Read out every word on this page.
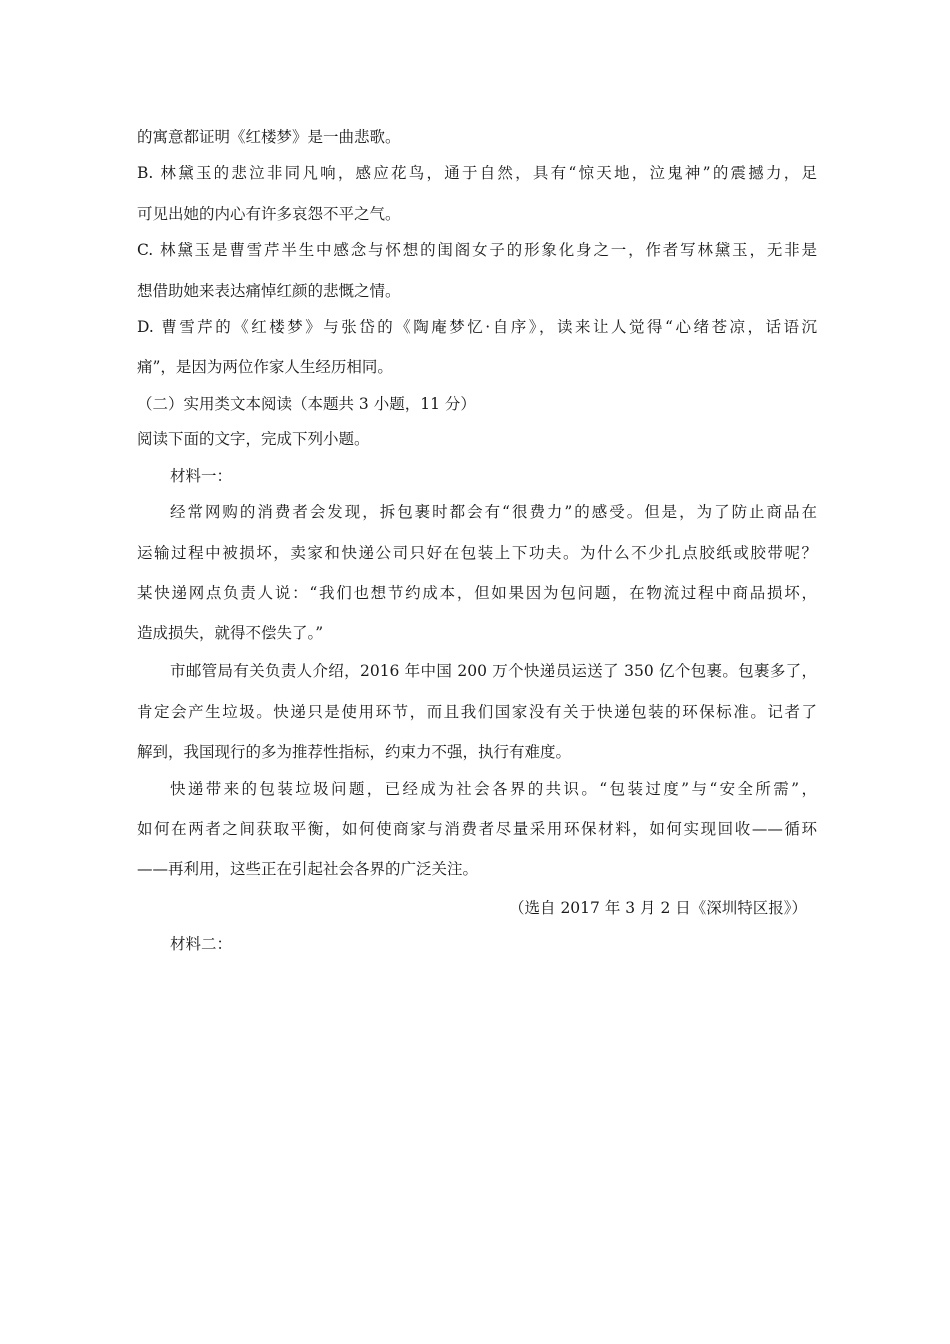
的寓意都证明《红楼梦》是一曲悲歌。
B. 林黛玉的悲泣非同凡响，感应花鸟，通于自然，具有“惊天地，泣鬼神”的震撼力，足
可见出她的内心有许多哀怨不平之气。
C. 林黛玉是曹雪芹半生中感念与怀想的闺阁女子的形象化身之一，作者写林黛玉，无非是
想借助她来表达痛悼红颜的悲慨之情。
D. 曹雪芹的《红楼梦》与张岱的《陶庵梦忆·自序》，读来让人觉得“心绪苍凉，话语沉
痛”，是因为两位作家人生经历相同。
（二）实用类文本阅读（本题共 3 小题，11 分）
阅读下面的文字，完成下列小题。
材料一：
经常网购的消费者会发现，拆包裹时都会有“很费力”的感受。但是，为了防止商品在
运输过程中被损坏，卖家和快递公司只好在包装上下功夫。为什么不少扎点胶纸或胶带呢？
某快递网点负责人说：“我们也想节约成本，但如果因为包问题，在物流过程中商品损坏，
造成损失，就得不偿失了。”
市邮管局有关负责人介绍，2016 年中国 200 万个快递员运送了 350 亿个包裹。包裹多了，
肯定会产生垃圾。快递只是使用环节，而且我们国家没有关于快递包装的环保标准。记者了
解到，我国现行的多为推荐性指标，约束力不强，执行有难度。
快递带来的包装垃圾问题，已经成为社会各界的共识。“包装过度”与“安全所需”，
如何在两者之间获取平衡，如何使商家与消费者尽量采用环保材料，如何实现回收——循环
——再利用，这些正在引起社会各界的广泛关注。
（选自 2017 年 3 月 2 日《深圳特区报》）
材料二：
